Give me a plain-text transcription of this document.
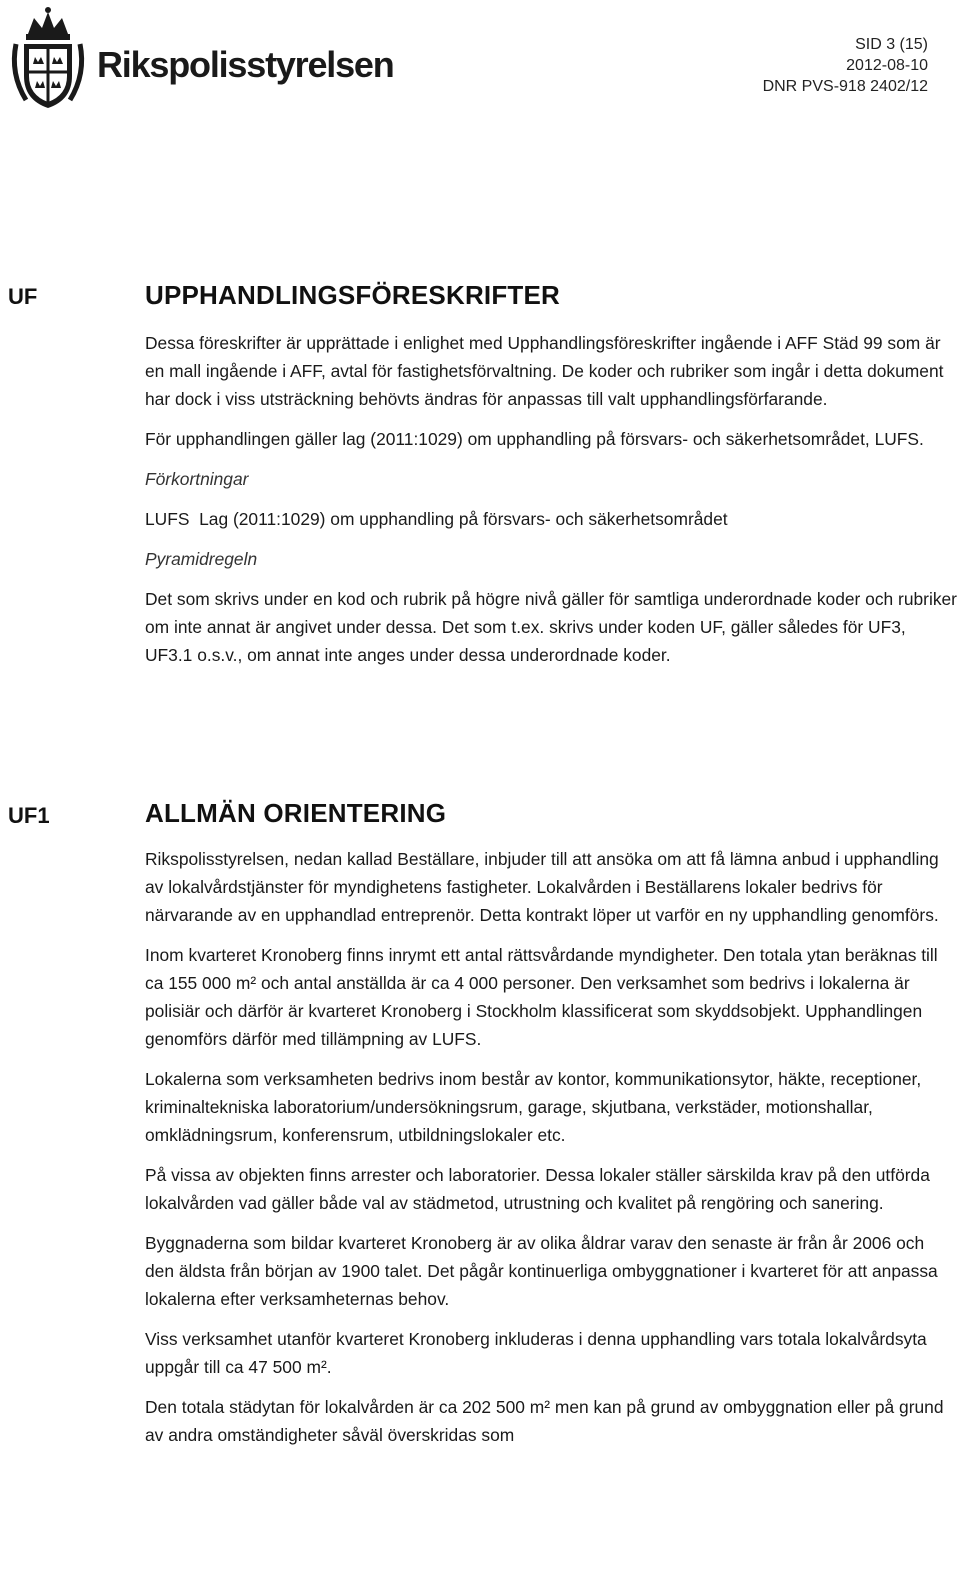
Rikspolisstyrelsen	SID 3 (15)
2012-08-10
DNR PVS-918 2402/12
UF	UPPHANDLINGSFÖRESKRIFTER

Dessa föreskrifter är upprättade i enlighet med Upphandlingsföreskrifter ingående i AFF Städ 99 som är en mall ingående i AFF, avtal för fastighetsförvaltning. De koder och rubriker som ingår i detta dokument har dock i viss utsträckning behövts ändras för anpassas till valt upphandlingsförfarande.

För upphandlingen gäller lag (2011:1029) om upphandling på försvars- och säkerhetsområdet, LUFS.

Förkortningar

LUFS  Lag (2011:1029) om upphandling på försvars- och säkerhetsområdet

Pyramidregeln

Det som skrivs under en kod och rubrik på högre nivå gäller för samtliga underordnade koder och rubriker om inte annat är angivet under dessa. Det som t.ex. skrivs under koden UF, gäller således för UF3, UF3.1 o.s.v., om annat inte anges under dessa underordnade koder.

UF1	ALLMÄN ORIENTERING

Rikspolisstyrelsen, nedan kallad Beställare, inbjuder till att ansöka om att få lämna anbud i upphandling av lokalvårdstjänster för myndighetens fastigheter. Lokalvården i Beställarens lokaler bedrivs för närvarande av en upphandlad entreprenör. Detta kontrakt löper ut varför en ny upphandling genomförs.

Inom kvarteret Kronoberg finns inrymt ett antal rättsvårdande myndigheter. Den totala ytan beräknas till ca 155 000 m² och antal anställda är ca 4 000 personer. Den verksamhet som bedrivs i lokalerna är polisiär och därför är kvarteret Kronoberg i Stockholm klassificerat som skyddsobjekt. Upphandlingen genomförs därför med tillämpning av LUFS.

Lokalerna som verksamheten bedrivs inom består av kontor, kommunikationsytor, häkte, receptioner, kriminaltekniska laboratorium/undersökningsrum, garage, skjutbana, verkstäder, motionshallar, omklädningsrum, konferensrum, utbildningslokaler etc.

På vissa av objekten finns arrester och laboratorier. Dessa lokaler ställer särskilda krav på den utförda lokalvården vad gäller både val av städmetod, utrustning och kvalitet på rengöring och sanering.

Byggnaderna som bildar kvarteret Kronoberg är av olika åldrar varav den senaste är från år 2006 och den äldsta från början av 1900 talet. Det pågår kontinuerliga ombyggnationer i kvarteret för att anpassa lokalerna efter verksamheternas behov.

Viss verksamhet utanför kvarteret Kronoberg inkluderas i denna upphandling vars totala lokalvårdsyta uppgår till ca 47 500 m².

Den totala städytan för lokalvården är ca 202 500 m² men kan på grund av ombyggnation eller på grund av andra omständigheter såväl överskridas som
